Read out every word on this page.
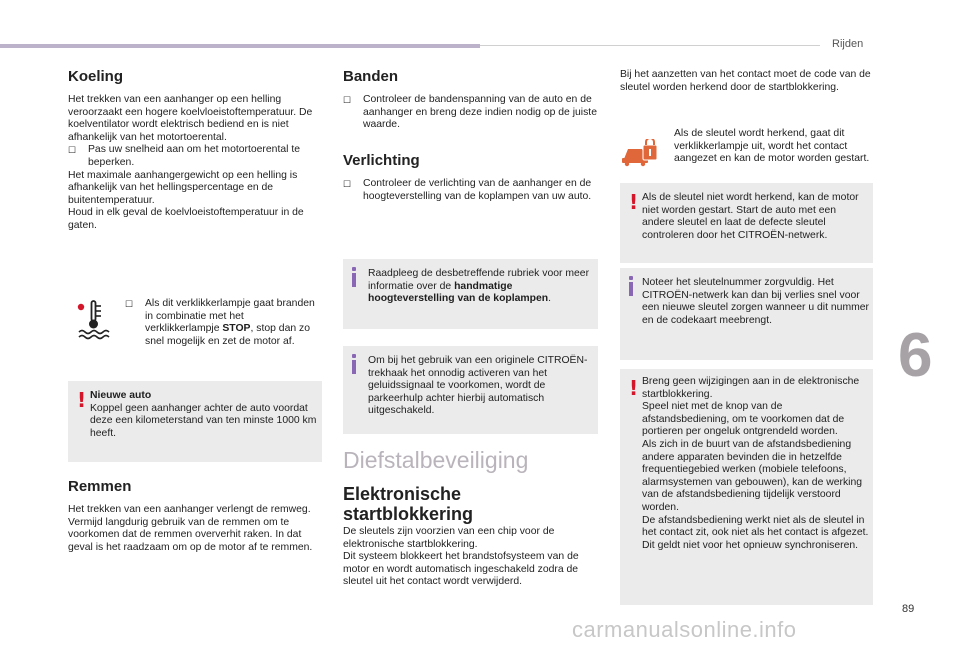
Rijden
6
89
carmanualsonline.info
Koeling

Het trekken van een aanhanger op een helling veroorzaakt een hogere koelvloeistoftemperatuur. De koelventilator wordt elektrisch bediend en is niet afhankelijk van het motortoerental.

☐ Pas uw snelheid aan om het motortoerental te beperken.

Het maximale aanhangergewicht op een helling is afhankelijk van het hellingspercentage en de buitentemperatuur.

Houd in elk geval de koelvloeistoftemperatuur in de gaten.

☐ Als dit verklikkerlampje gaat branden in combinatie met het verklikkerlampje STOP, stop dan zo snel mogelijk en zet de motor af.
! Nieuwe auto

Koppel geen aanhanger achter de auto voordat deze een kilometerstand van ten minste 1000 km heeft.

Remmen

Het trekken van een aanhanger verlengt de remweg. Vermijd langdurig gebruik van de remmen om te voorkomen dat de remmen oververhit raken. In dat geval is het raadzaam om op de motor af te remmen.

Banden
☐ Controleer de bandenspanning van de auto en de aanhanger en breng deze indien nodig op de juiste waarde.
Verlichting
☐ Controleer de verlichting van de aanhanger en de hoogteverstelling van de koplampen van uw auto.

Raadpleeg de desbetreffende rubriek voor meer informatie over de handmatige hoogteverstelling van de koplampen.

Om bij het gebruik van een originele CITROËN-trekhaak het onnodig activeren van het geluidssignaal te voorkomen, wordt de parkeerhulp achter hierbij automatisch uitgeschakeld.

Diefstalbeveiliging
Elektronische
startblokkering

De sleutels zijn voorzien van een chip voor de elektronische startblokkering.

Dit systeem blokkeert het brandstofsysteem van de motor en wordt automatisch ingeschakeld zodra de sleutel uit het contact wordt verwijderd.

Bij het aanzetten van het contact moet de code van de sleutel worden herkend door de startblokkering.

Als de sleutel wordt herkend, gaat dit verklikkerlampje uit, wordt het contact aangezet en kan de motor worden gestart.

! Als de sleutel niet wordt herkend, kan de motor niet worden gestart. Start de auto met een andere sleutel en laat de defecte sleutel controleren door het CITROËN-netwerk.

Noteer het sleutelnummer zorgvuldig. Het CITROËN-netwerk kan dan bij verlies snel voor een nieuwe sleutel zorgen wanneer u dit nummer en de codekaart meebrengt.

! Breng geen wijzigingen aan in de elektronische startblokkering.

Speel niet met de knop van de afstandsbediening, om te voorkomen dat de portieren per ongeluk ontgrendeld worden.

Als zich in de buurt van de afstandsbediening andere apparaten bevinden die in hetzelfde frequentiegebied werken (mobiele telefoons, alarmsystemen van gebouwen), kan de werking van de afstandsbediening tijdelijk verstoord worden.

De afstandsbediening werkt niet als de sleutel in het contact zit, ook niet als het contact is afgezet. Dit geldt niet voor het opnieuw synchroniseren.
